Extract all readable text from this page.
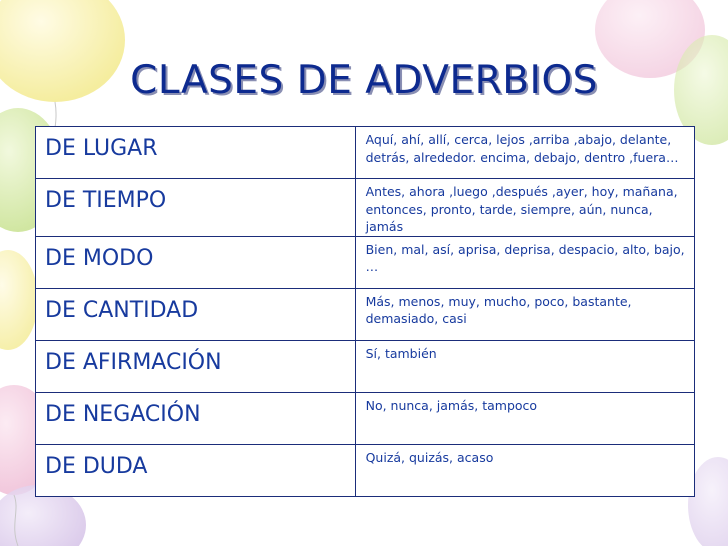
CLASES DE ADVERBIOS
DE LUGAR	Aquí, ahí, allí, cerca, lejos ,arriba ,abajo, delante, detrás, alrededor. encima, debajo, dentro ,fuera…

DE TIEMPO	Antes, ahora ,luego ,después ,ayer, hoy, mañana, entonces, pronto, tarde, siempre, aún, nunca, jamás

DE MODO	Bien, mal, así, aprisa, deprisa, despacio, alto, bajo, …

DE CANTIDAD	Más, menos, muy, mucho, poco, bastante, demasiado, casi

DE AFIRMACIÓN	Sí, también

DE NEGACIÓN	No, nunca, jamás, tampoco

DE DUDA	Quizá, quizás, acaso
